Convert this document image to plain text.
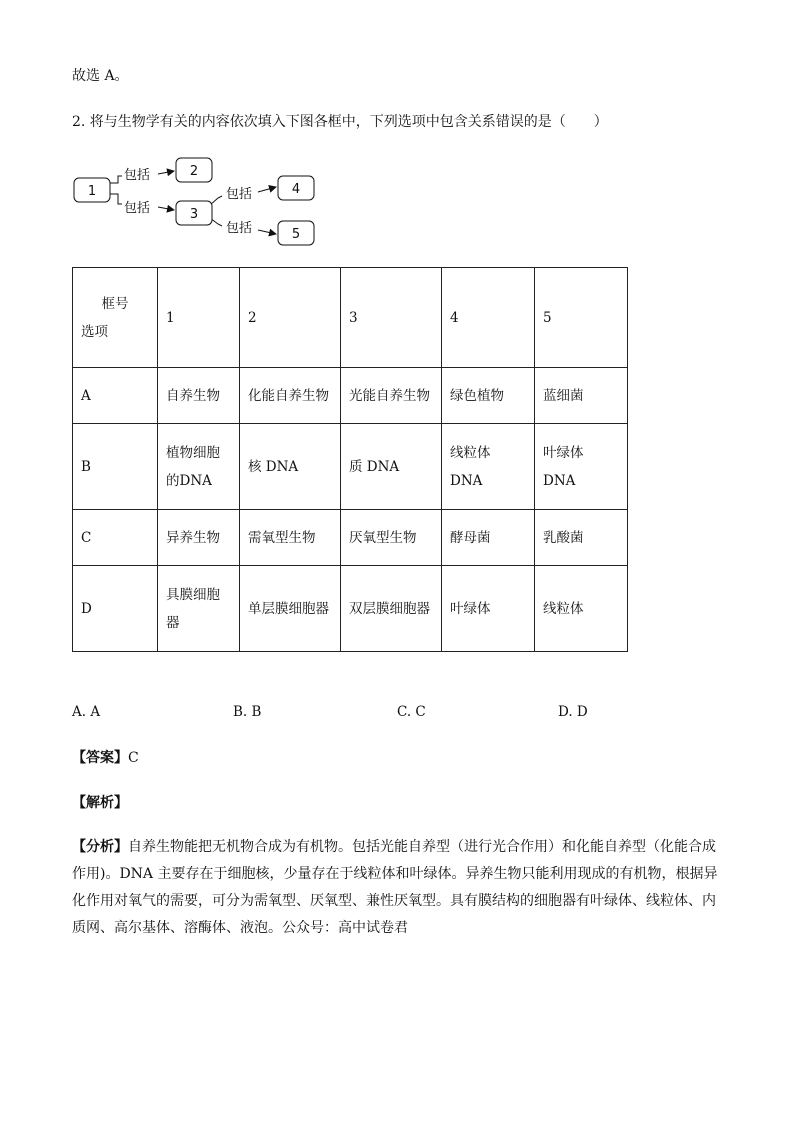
故选 A。
2. 将与生物学有关的内容依次填入下图各框中，下列选项中包含关系错误的是（　　）
包括
包括
包括
包括
1
2
3
4
5
框号
选项	1	2	3	4	5
A	自养生物	化能自养生物	光能自养生物	绿色植物	蓝细菌
B	植物细胞的DNA	核 DNA	质 DNA	线粒体 DNA	叶绿体 DNA
C	异养生物	需氧型生物	厌氧型生物	酵母菌	乳酸菌
D	具膜细胞器	单层膜细胞器	双层膜细胞器	叶绿体	线粒体
A. A	B. B	C. C	D. D
【答案】C
【解析】
【分析】自养生物能把无机物合成为有机物。包括光能自养型（进行光合作用）和化能自养型（化能合成作用)。DNA 主要存在于细胞核，少量存在于线粒体和叶绿体。异养生物只能利用现成的有机物，根据异化作用对氧气的需要，可分为需氧型、厌氧型、兼性厌氧型。具有膜结构的细胞器有叶绿体、线粒体、内质网、高尔基体、溶酶体、液泡。公众号：高中试卷君
